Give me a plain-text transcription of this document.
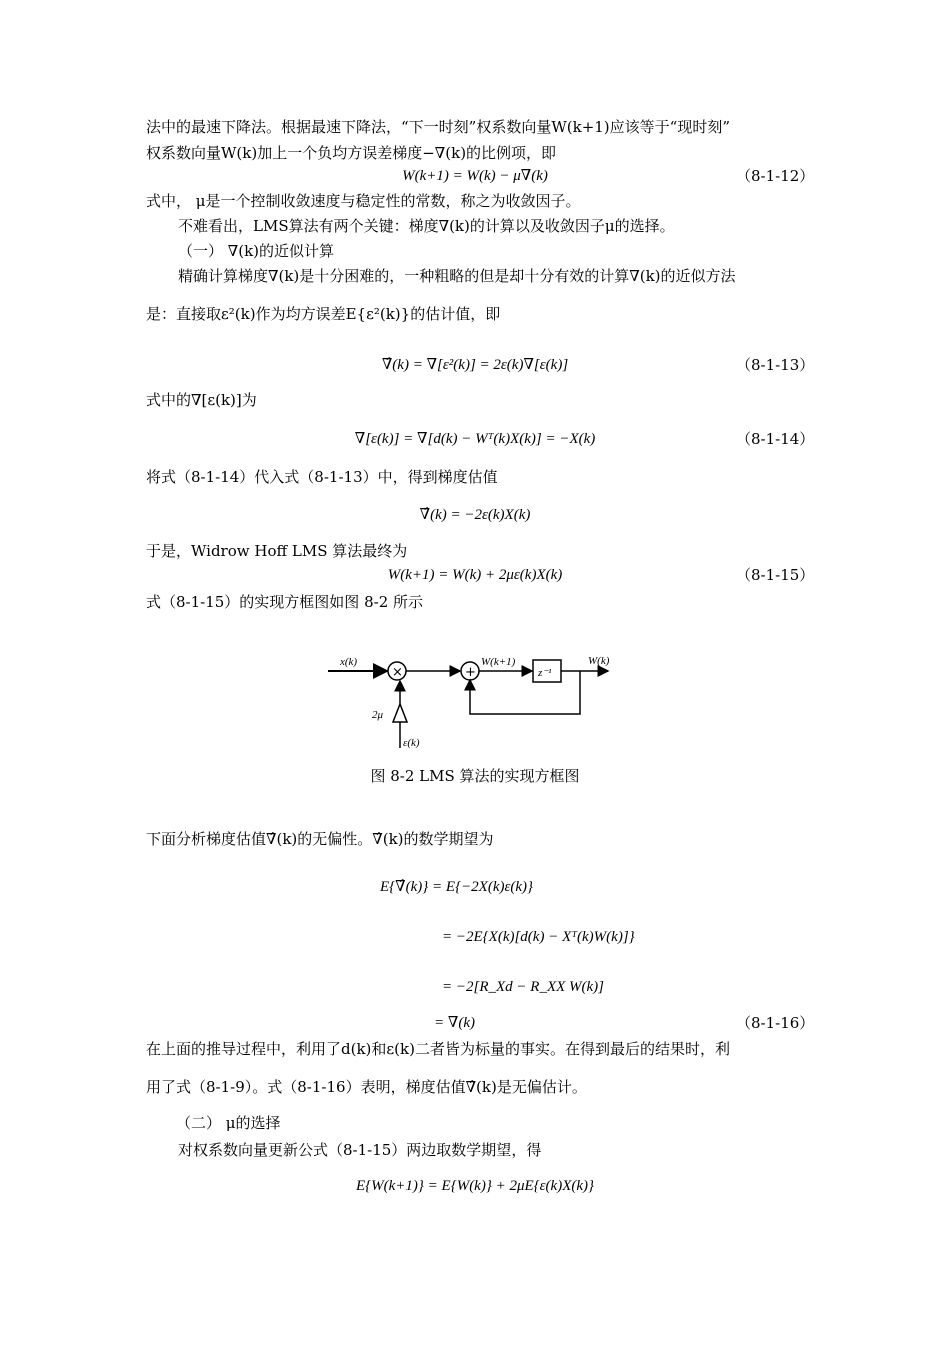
法中的最速下降法。根据最速下降法，“下一时刻”权系数向量W(k+1)应该等于“现时刻”
权系数向量W(k)加上一个负均方误差梯度−∇(k)的比例项，即
W(k+1) = W(k) − μ∇(k)	（8-1-12）
式中， μ是一个控制收敛速度与稳定性的常数，称之为收敛因子。
不难看出，LMS算法有两个关键：梯度∇(k)的计算以及收敛因子μ的选择。
（一） ∇(k)的近似计算
精确计算梯度∇(k)是十分困难的，一种粗略的但是却十分有效的计算∇(k)的近似方法
是：直接取ε²(k)作为均方误差E{ε²(k)}的估计值，即
∇̂(k) = ∇[ε²(k)] = 2ε(k)∇[ε(k)]	（8-1-13）
式中的∇[ε(k)]为
∇[ε(k)] = ∇[d(k) − Wᵀ(k)X(k)] = −X(k)	（8-1-14）
将式（8-1-14）代入式（8-1-13）中，得到梯度估值
∇̂(k) = −2ε(k)X(k)
于是，Widrow Hoff LMS 算法最终为
W(k+1) = W(k) + 2με(k)X(k)	（8-1-15）
式（8-1-15）的实现方框图如图 8-2 所示
x(k)
×	+
W(k+1)
z⁻¹
W(k)
2μ
ε(k)
图 8-2 LMS 算法的实现方框图
下面分析梯度估值∇̂(k)的无偏性。∇̂(k)的数学期望为
E{∇̂(k)} = E{−2X(k)ε(k)}
= −2E{X(k)[d(k) − Xᵀ(k)W(k)]}
= −2[R_Xd − R_XX W(k)]
= ∇(k)	（8-1-16）
在上面的推导过程中，利用了d(k)和ε(k)二者皆为标量的事实。在得到最后的结果时，利
用了式（8-1-9）。式（8-1-16）表明，梯度估值∇̂(k)是无偏估计。
（二） μ的选择
对权系数向量更新公式（8-1-15）两边取数学期望，得
E{W(k+1)} = E{W(k)} + 2μE{ε(k)X(k)}
